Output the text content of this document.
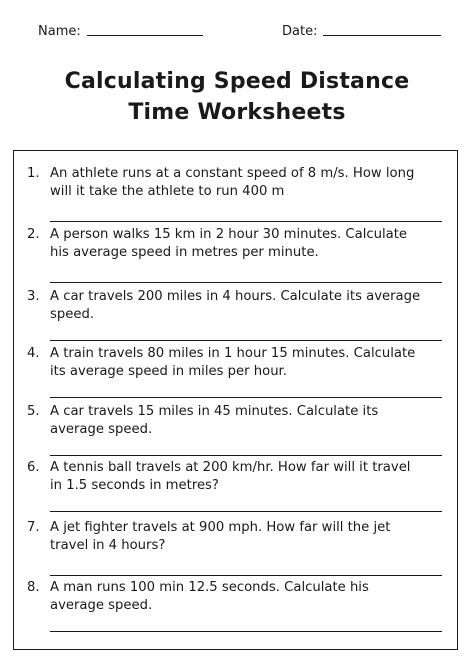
Name:	Date:
Calculating Speed Distance
Time Worksheets
1. An athlete runs at a constant speed of 8 m/s. How long
will it take the athlete to run 400 m
2. A person walks 15 km in 2 hour 30 minutes. Calculate
his average speed in metres per minute.
3. A car travels 200 miles in 4 hours. Calculate its average
speed.
4. A train travels 80 miles in 1 hour 15 minutes. Calculate
its average speed in miles per hour.
5. A car travels 15 miles in 45 minutes. Calculate its
average speed.
6. A tennis ball travels at 200 km/hr. How far will it travel
in 1.5 seconds in metres?
7. A jet fighter travels at 900 mph. How far will the jet
travel in 4 hours?
8. A man runs 100 min 12.5 seconds. Calculate his
average speed.
